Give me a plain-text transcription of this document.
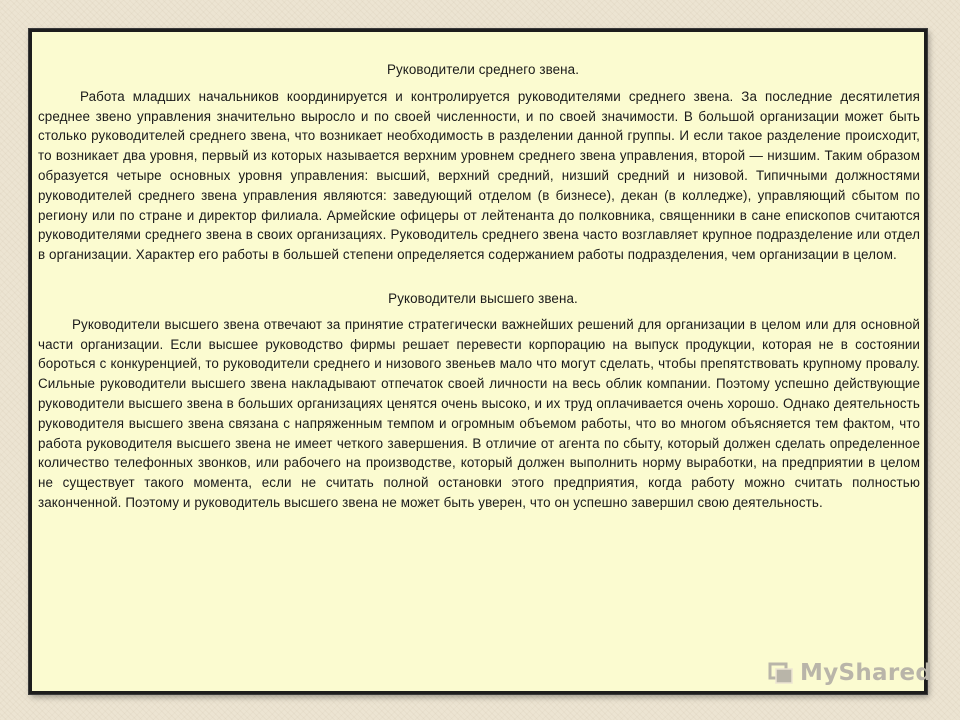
Руководители среднего звена.

Работа младших начальников координируется и контролируется руководителями среднего звена. За последние десятилетия среднее звено управления значительно выросло и по своей численности, и по своей значимости. В большой организации может быть столько руководителей среднего звена, что возникает необходимость в разделении данной группы. И если такое разделение происходит, то возникает два уровня, первый из которых называется верхним уровнем среднего звена управления, второй — низшим. Таким образом образуется четыре основных уровня управления: высший, верхний средний, низший средний и низовой. Типичными должностями руководителей среднего звена управления являются: заведующий отделом (в бизнесе), декан (в колледже), управляющий сбытом по региону или по стране и директор филиала. Армейские офицеры от лейтенанта до полковника, священники в сане епископов считаются руководителями среднего звена в своих организациях. Руководитель среднего звена часто возглавляет крупное подразделение или отдел в организации. Характер его работы в большей степени определяется содержанием работы подразделения, чем организации в целом.

Руководители высшего звена.

Руководители высшего звена отвечают за принятие стратегически важнейших решений для организации в целом или для основной части организации. Если высшее руководство фирмы решает перевести корпорацию на выпуск продукции, которая не в состоянии бороться с конкуренцией, то руководители среднего и низового звеньев мало что могут сделать, чтобы препятствовать крупному провалу. Сильные руководители высшего звена накладывают отпечаток своей личности на весь облик компании. Поэтому успешно действующие руководители высшего звена в больших организациях ценятся очень высоко, и их труд оплачивается очень хорошо. Однако деятельность руководителя высшего звена связана с напряженным темпом и огромным объемом работы, что во многом объясняется тем фактом, что работа руководителя высшего звена не имеет четкого завершения. В отличие от агента по сбыту, который должен сделать определенное количество телефонных звонков, или рабочего на производстве, который должен выполнить норму выработки, на предприятии в целом не существует такого момента, если не считать полной остановки этого предприятия, когда работу можно считать полностью законченной. Поэтому и руководитель высшего звена не может быть уверен, что он успешно завершил свою деятельность.

MyShared
